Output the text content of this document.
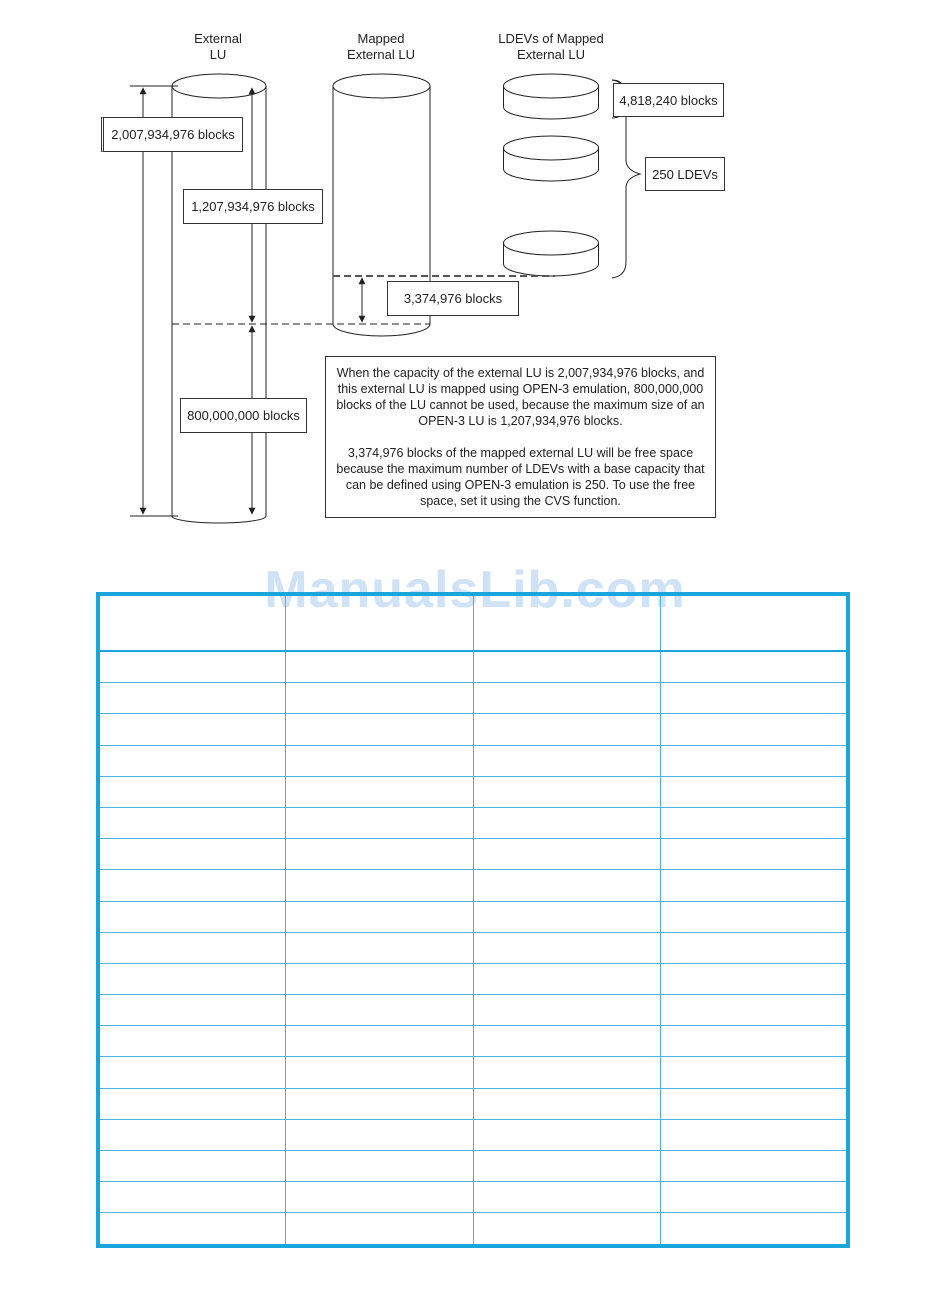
External
LU
Mapped
External LU
LDEVs of Mapped
External LU
2,007,934,976 blocks
1,207,934,976 blocks
800,000,000 blocks
3,374,976 blocks
4,818,240 blocks
250 LDEVs

When the capacity of the external LU is 2,007,934,976 blocks, and this external LU is mapped using OPEN-3 emulation, 800,000,000 blocks of the LU cannot be used, because the maximum size of an OPEN-3 LU is 1,207,934,976 blocks.

3,374,976 blocks of the mapped external LU will be free space because the maximum number of LDEVs with a base capacity that can be defined using OPEN-3 emulation is 250. To use the free space, set it using the CVS function.

ManualsLib.com
